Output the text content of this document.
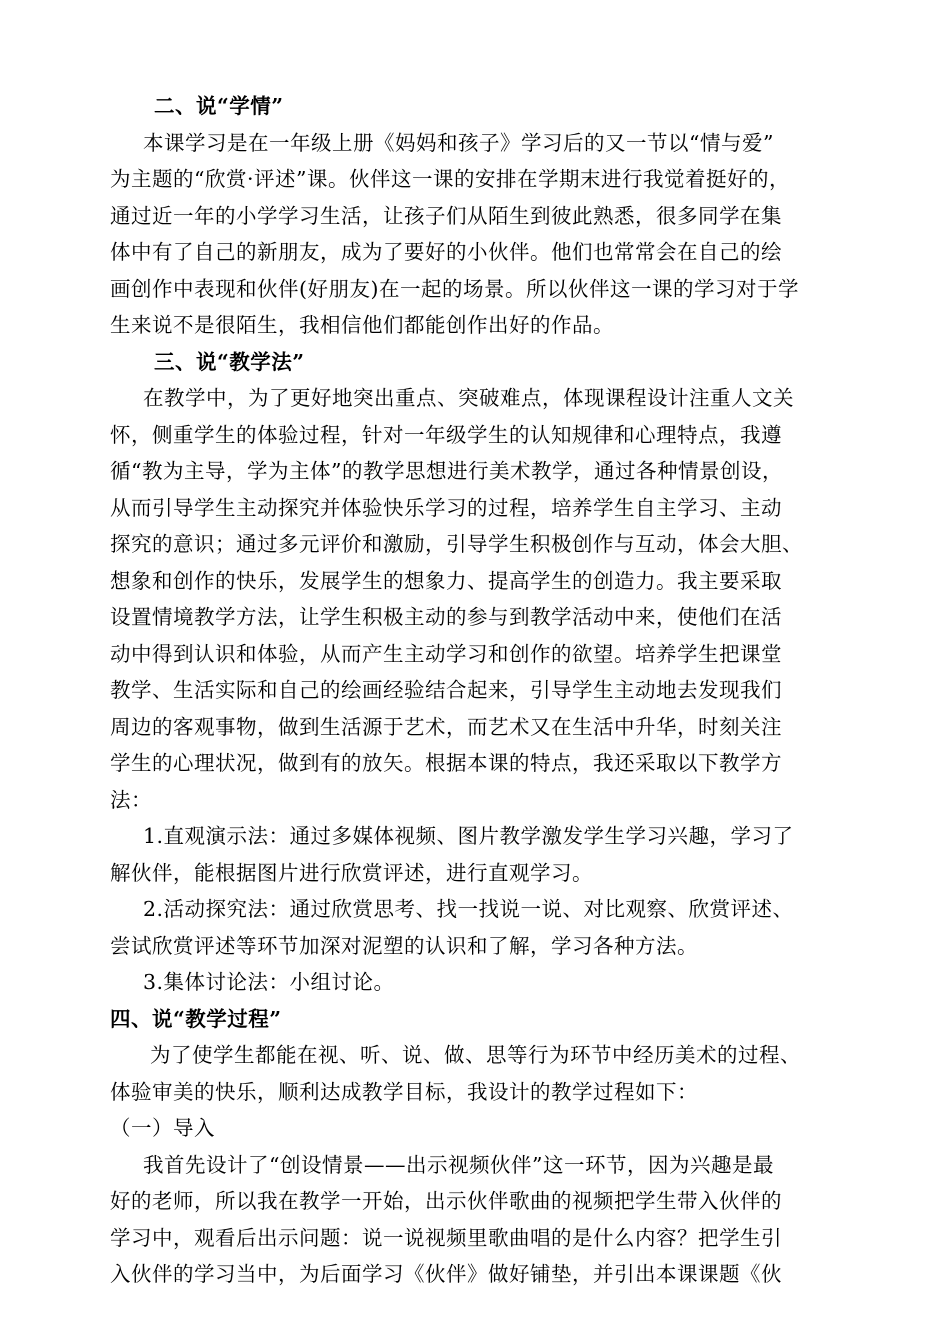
二、说“学情”
本课学习是在一年级上册《妈妈和孩子》学习后的又一节以“情与爱”
为主题的“欣赏·评述”课。伙伴这一课的安排在学期末进行我觉着挺好的，
通过近一年的小学学习生活，让孩子们从陌生到彼此熟悉，很多同学在集
体中有了自己的新朋友，成为了要好的小伙伴。他们也常常会在自己的绘
画创作中表现和伙伴(好朋友)在一起的场景。所以伙伴这一课的学习对于学
生来说不是很陌生，我相信他们都能创作出好的作品。
三、说“教学法”
在教学中，为了更好地突出重点、突破难点，体现课程设计注重人文关
怀，侧重学生的体验过程，针对一年级学生的认知规律和心理特点，我遵
循“教为主导，学为主体”的教学思想进行美术教学，通过各种情景创设，
从而引导学生主动探究并体验快乐学习的过程，培养学生自主学习、主动
探究的意识；通过多元评价和激励，引导学生积极创作与互动，体会大胆、
想象和创作的快乐，发展学生的想象力、提高学生的创造力。我主要采取
设置情境教学方法，让学生积极主动的参与到教学活动中来，使他们在活
动中得到认识和体验，从而产生主动学习和创作的欲望。培养学生把课堂
教学、生活实际和自己的绘画经验结合起来，引导学生主动地去发现我们
周边的客观事物，做到生活源于艺术，而艺术又在生活中升华，时刻关注
学生的心理状况，做到有的放矢。根据本课的特点，我还采取以下教学方
法：
1.直观演示法：通过多媒体视频、图片教学激发学生学习兴趣，学习了
解伙伴，能根据图片进行欣赏评述，进行直观学习。
2.活动探究法：通过欣赏思考、找一找说一说、对比观察、欣赏评述、
尝试欣赏评述等环节加深对泥塑的认识和了解，学习各种方法。
3.集体讨论法：小组讨论。
四、说“教学过程”
为了使学生都能在视、听、说、做、思等行为环节中经历美术的过程、
体验审美的快乐，顺利达成教学目标，我设计的教学过程如下：
（一）导入
我首先设计了“创设情景——出示视频伙伴”这一环节，因为兴趣是最
好的老师，所以我在教学一开始，出示伙伴歌曲的视频把学生带入伙伴的
学习中，观看后出示问题：说一说视频里歌曲唱的是什么内容？把学生引
入伙伴的学习当中，为后面学习《伙伴》做好铺垫，并引出本课课题《伙
